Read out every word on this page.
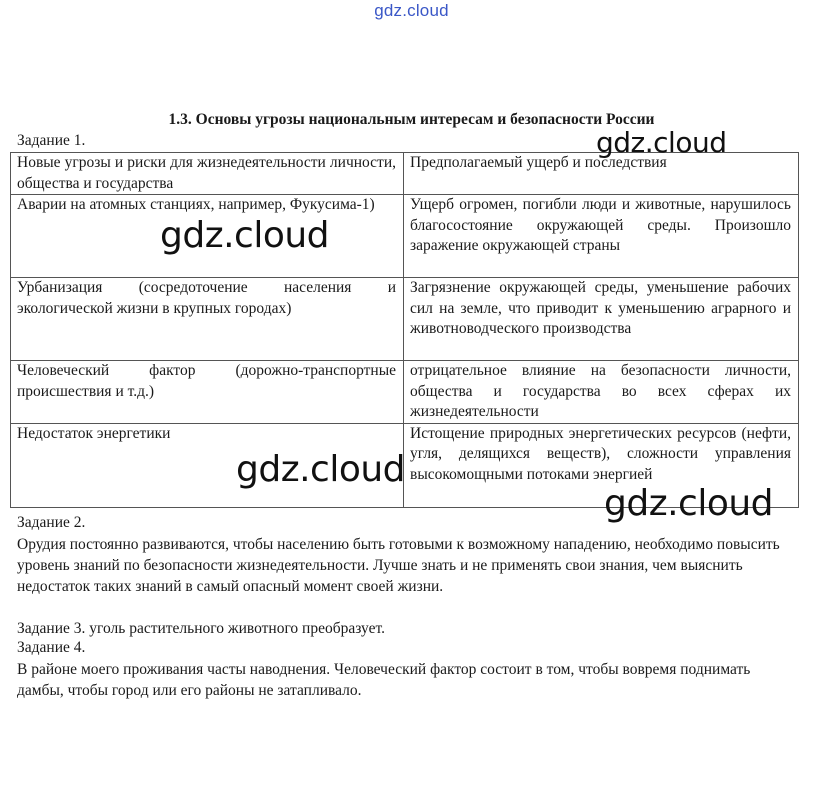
gdz.cloud
1.3. Основы угрозы национальным интересам и безопасности России
Задание 1.
Новые угрозы и риски для жизнедеятельности личности, общества и государства	Предполагаемый ущерб и последствия
Аварии на атомных станциях, например, Фукусима-1)	Ущерб огромен, погибли люди и животные, нарушилось благосостояние окружающей среды. Произошло заражение окружающей страны
Урбанизация (сосредоточение населения и экологической жизни в крупных городах)	Загрязнение окружающей среды, уменьшение рабочих сил на земле, что приводит к уменьшению аграрного и животноводческого производства
Человеческий фактор (дорожно-транспортные происшествия и т.д.)	отрицательное влияние на безопасности личности, общества и государства во всех сферах их жизнедеятельности
Недостаток энергетики	Истощение природных энергетических ресурсов (нефти, угля, делящихся веществ), сложности управления высокомощными потоками энергией
Задание 2.
Орудия постоянно развиваются, чтобы населению быть готовыми к возможному нападению, необходимо повысить уровень знаний по безопасности жизнедеятельности. Лучше знать и не применять свои знания, чем выяснить недостаток таких знаний в самый опасный момент своей жизни.
Задание 3. уголь растительного животного преобразует.
Задание 4.
В районе моего проживания часты наводнения. Человеческий фактор состоит в том, чтобы вовремя поднимать дамбы, чтобы город или его районы не затапливало.
gdz.cloud
gdz.cloud
gdz.cloud
gdz.cloud
